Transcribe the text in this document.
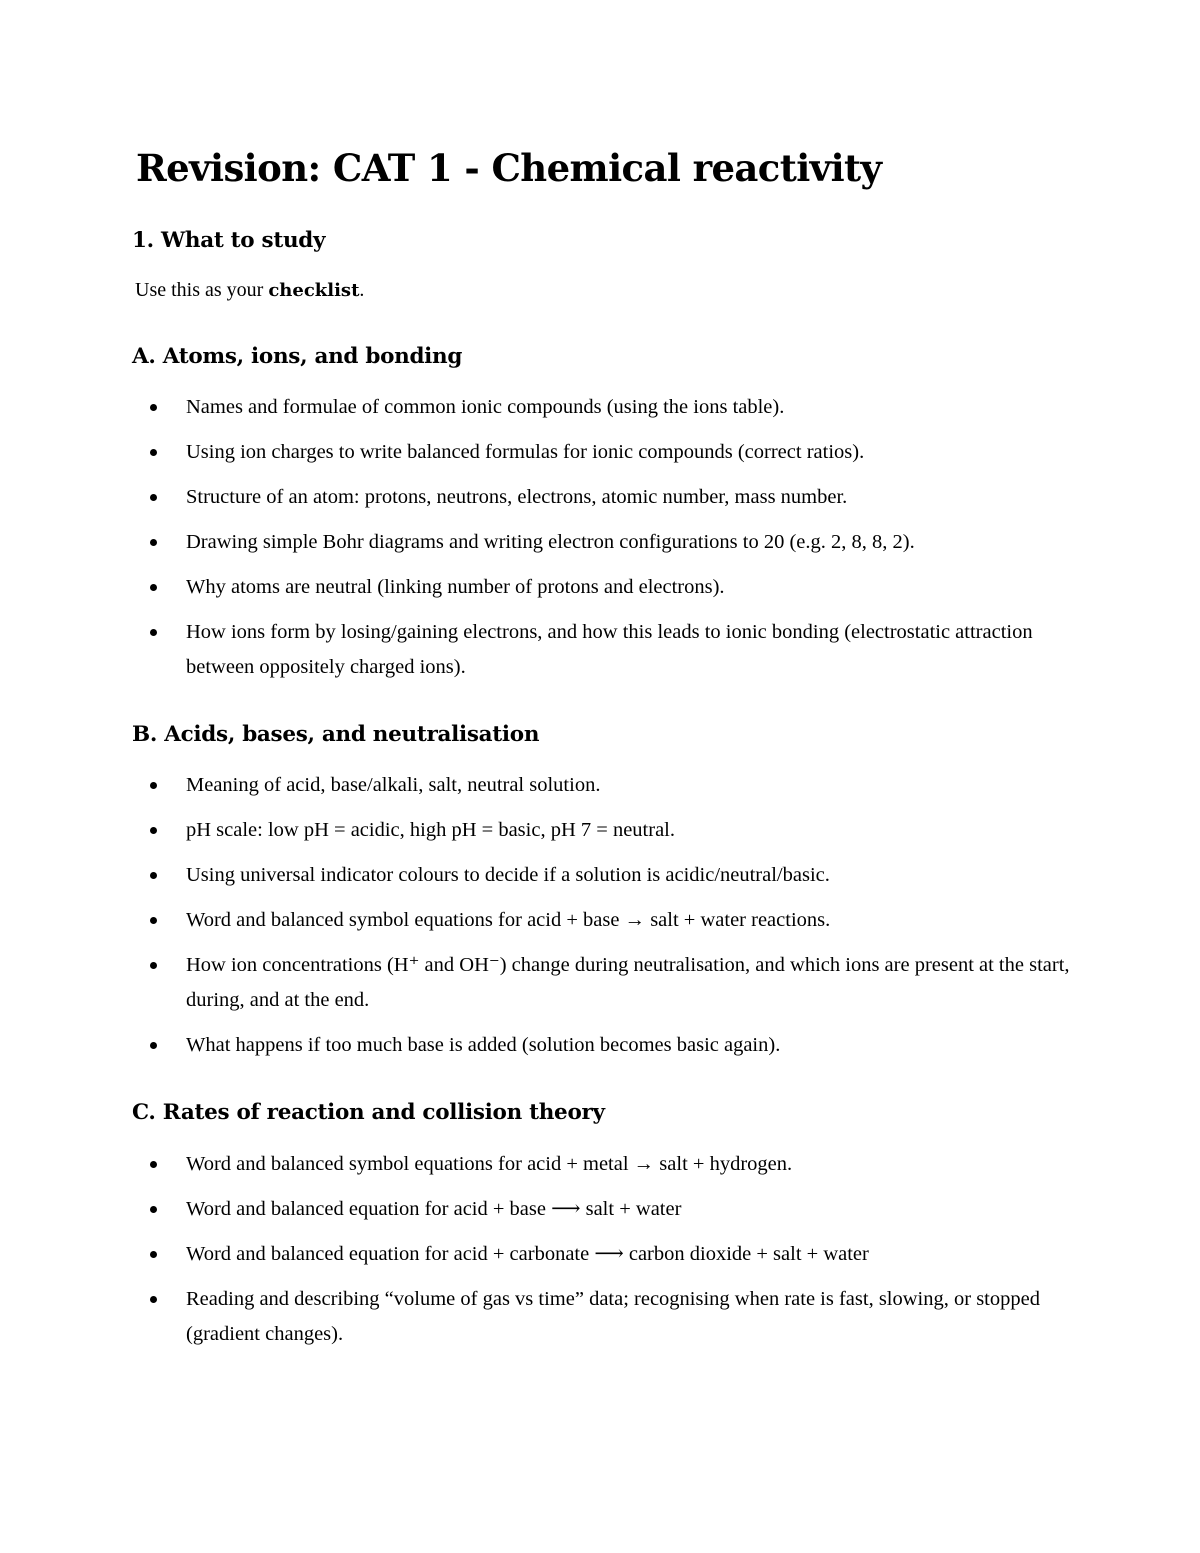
Revision: CAT 1 - Chemical reactivity
1. What to study

Use this as your checklist.

A. Atoms, ions, and bonding
Names and formulae of common ionic compounds (using the ions table).
Using ion charges to write balanced formulas for ionic compounds (correct ratios).
Structure of an atom: protons, neutrons, electrons, atomic number, mass number.
Drawing simple Bohr diagrams and writing electron configurations to 20 (e.g. 2, 8, 8, 2).
Why atoms are neutral (linking number of protons and electrons).
How ions form by losing/gaining electrons, and how this leads to ionic bonding (electrostatic attraction between oppositely charged ions).
B. Acids, bases, and neutralisation
Meaning of acid, base/alkali, salt, neutral solution.
pH scale: low pH = acidic, high pH = basic, pH 7 = neutral.
Using universal indicator colours to decide if a solution is acidic/neutral/basic.
Word and balanced symbol equations for acid + base → salt + water reactions.
How ion concentrations (H⁺ and OH⁻) change during neutralisation, and which ions are present at the start, during, and at the end.
What happens if too much base is added (solution becomes basic again).
C. Rates of reaction and collision theory
Word and balanced symbol equations for acid + metal → salt + hydrogen.
Word and balanced equation for acid + base ⟶ salt + water
Word and balanced equation for acid + carbonate ⟶ carbon dioxide + salt + water
Reading and describing “volume of gas vs time” data; recognising when rate is fast, slowing, or stopped (gradient changes).
